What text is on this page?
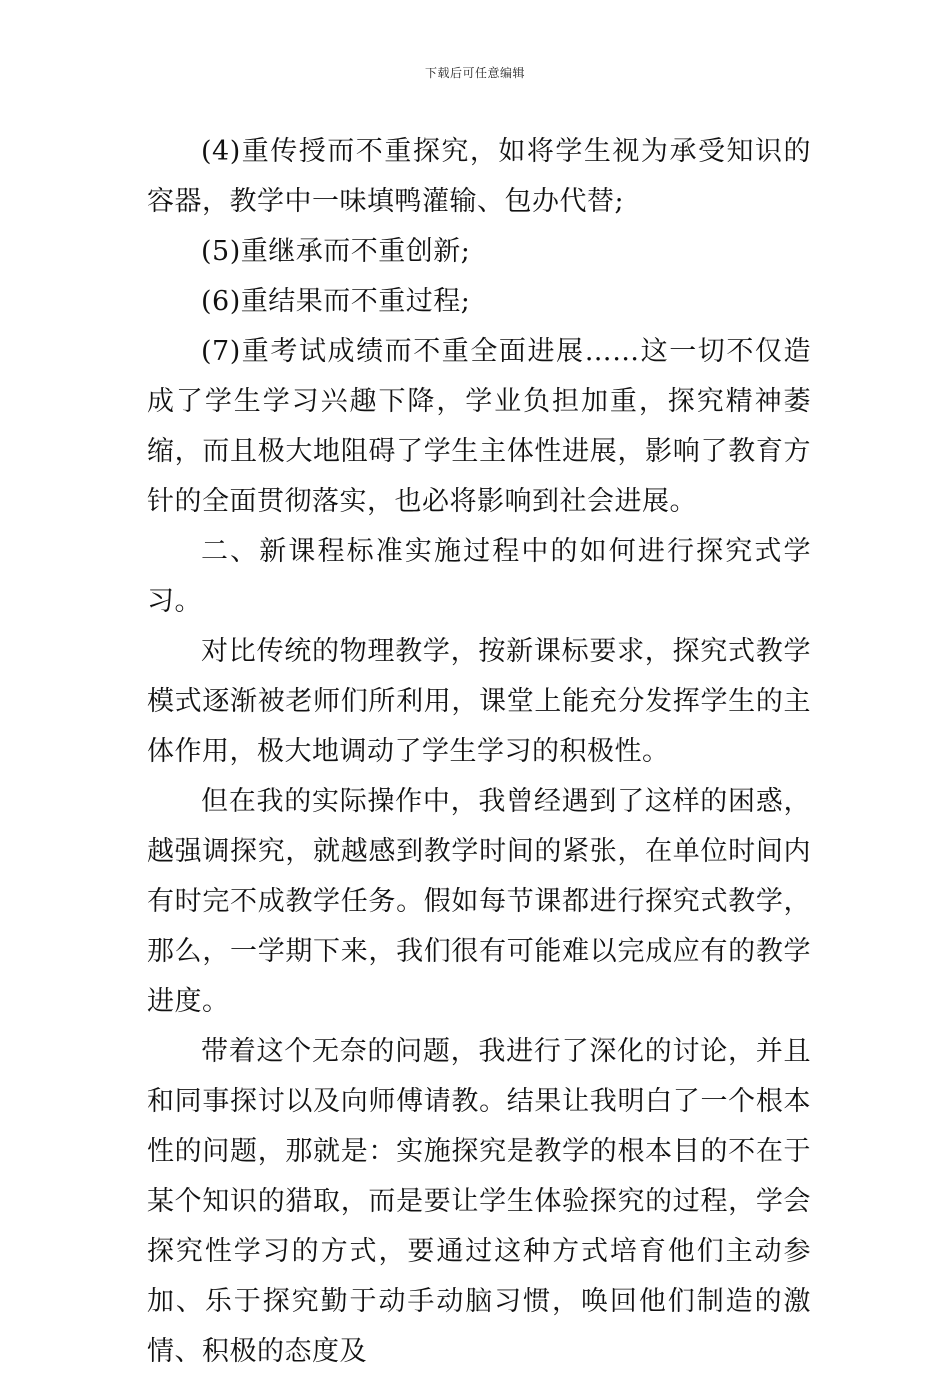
下载后可任意编辑

(4)重传授而不重探究，如将学生视为承受知识的容器，教学中一味填鸭灌输、包办代替;

(5)重继承而不重创新;

(6)重结果而不重过程;

(7)重考试成绩而不重全面进展……这一切不仅造成了学生学习兴趣下降，学业负担加重，探究精神萎缩，而且极大地阻碍了学生主体性进展，影响了教育方针的全面贯彻落实，也必将影响到社会进展。

二、新课程标准实施过程中的如何进行探究式学习。

对比传统的物理教学，按新课标要求，探究式教学模式逐渐被老师们所利用，课堂上能充分发挥学生的主体作用，极大地调动了学生学习的积极性。

但在我的实际操作中，我曾经遇到了这样的困惑，越强调探究，就越感到教学时间的紧张，在单位时间内有时完不成教学任务。假如每节课都进行探究式教学，那么，一学期下来，我们很有可能难以完成应有的教学进度。

带着这个无奈的问题，我进行了深化的讨论，并且和同事探讨以及向师傅请教。结果让我明白了一个根本性的问题，那就是：实施探究是教学的根本目的不在于某个知识的猎取，而是要让学生体验探究的过程，学会探究性学习的方式，要通过这种方式培育他们主动参加、乐于探究勤于动手动脑习惯，唤回他们制造的激情、积极的态度及
